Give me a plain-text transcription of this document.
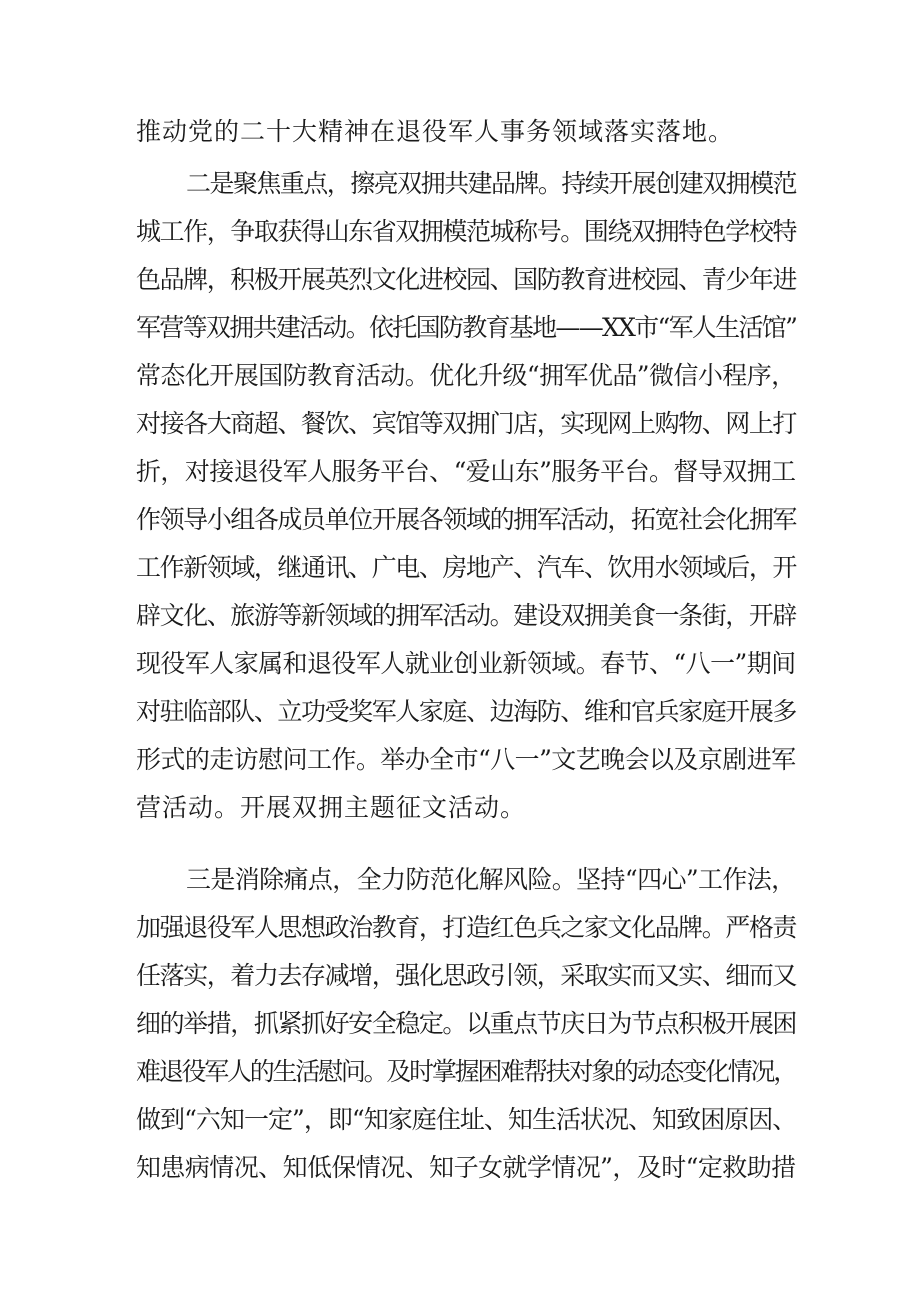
推动党的二十大精神在退役军人事务领域落实落地。
二是聚焦重点，擦亮双拥共建品牌。持续开展创建双拥模范
城工作，争取获得山东省双拥模范城称号。围绕双拥特色学校特
色品牌，积极开展英烈文化进校园、国防教育进校园、青少年进
军营等双拥共建活动。依托国防教育基地——XX市“军人生活馆”
常态化开展国防教育活动。优化升级“拥军优品”微信小程序，
对接各大商超、餐饮、宾馆等双拥门店，实现网上购物、网上打
折，对接退役军人服务平台、“爱山东”服务平台。督导双拥工
作领导小组各成员单位开展各领域的拥军活动，拓宽社会化拥军
工作新领域，继通讯、广电、房地产、汽车、饮用水领域后，开
辟文化、旅游等新领域的拥军活动。建设双拥美食一条街，开辟
现役军人家属和退役军人就业创业新领域。春节、“八一”期间
对驻临部队、立功受奖军人家庭、边海防、维和官兵家庭开展多
形式的走访慰问工作。举办全市“八一”文艺晚会以及京剧进军
营活动。开展双拥主题征文活动。
三是消除痛点，全力防范化解风险。坚持“四心”工作法，
加强退役军人思想政治教育，打造红色兵之家文化品牌。严格责
任落实，着力去存减增，强化思政引领，采取实而又实、细而又
细的举措，抓紧抓好安全稳定。以重点节庆日为节点积极开展困
难退役军人的生活慰问。及时掌握困难帮扶对象的动态变化情况，
做到“六知一定”，即“知家庭住址、知生活状况、知致困原因、
知患病情况、知低保情况、知子女就学情况”，及时“定救助措
